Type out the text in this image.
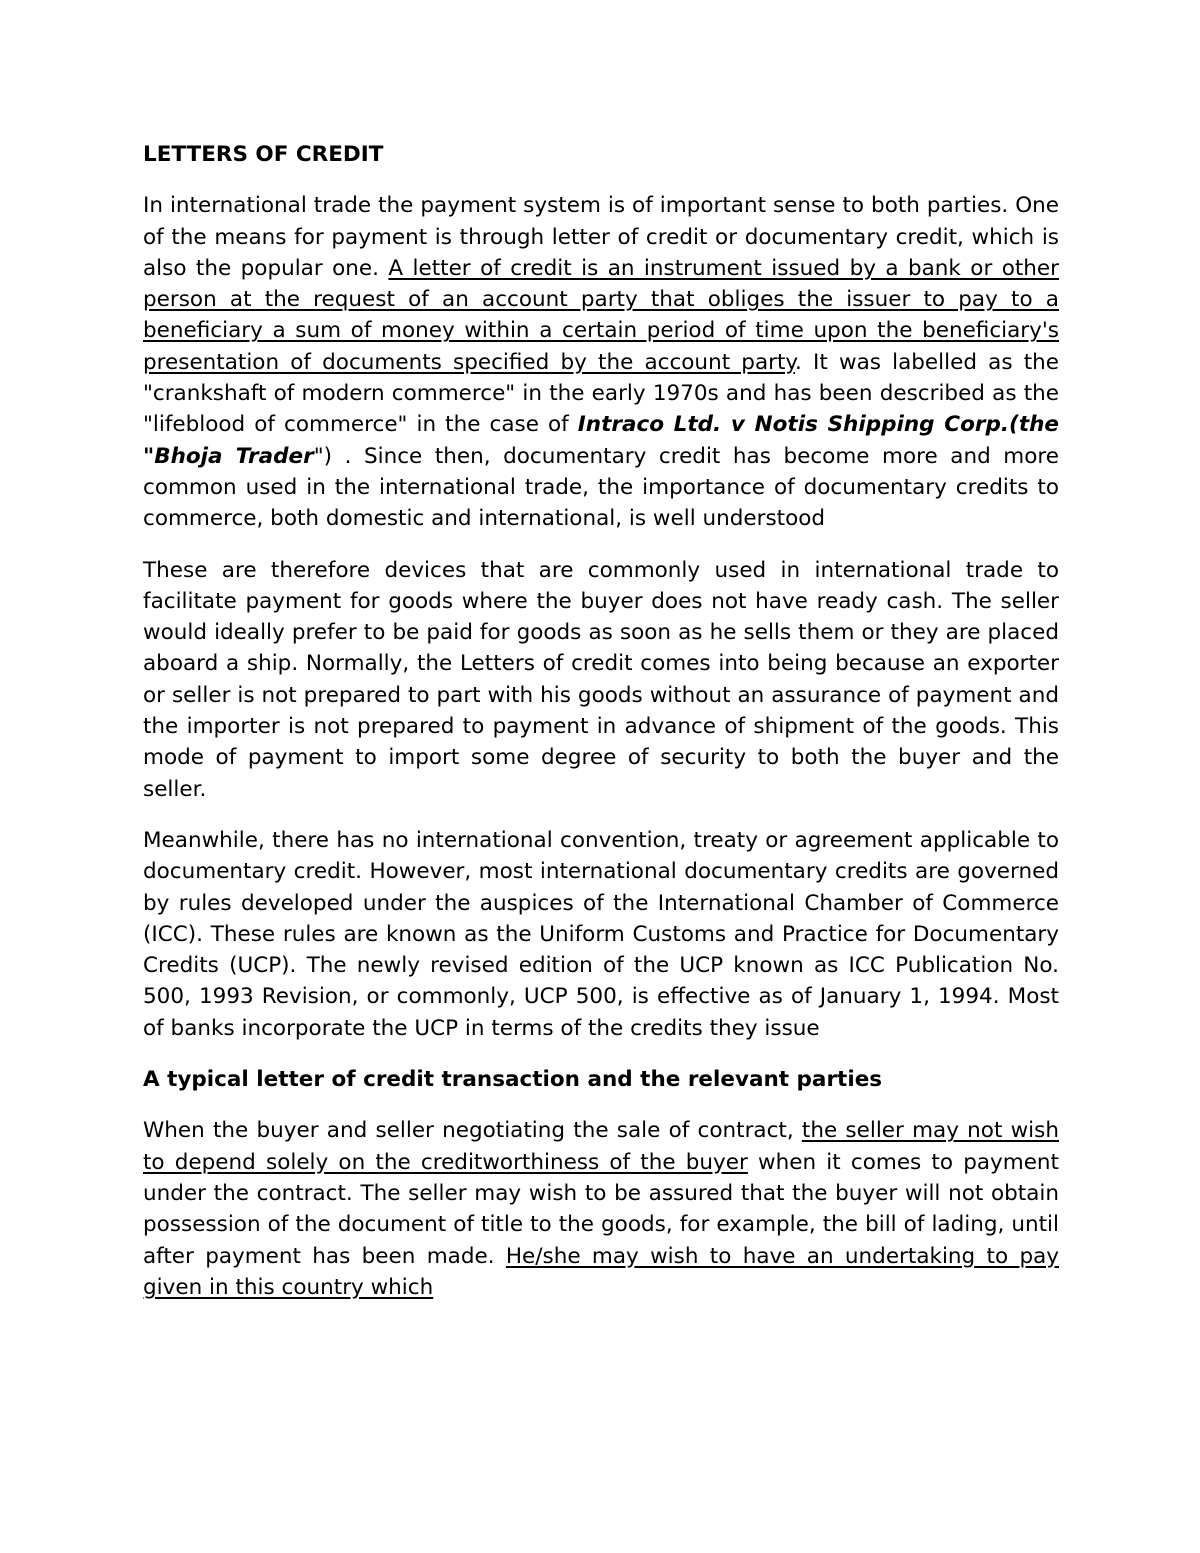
LETTERS OF CREDIT

In international trade the payment system is of important sense to both parties. One of the means for payment is through letter of credit or documentary credit, which is also the popular one. A letter of credit is an instrument issued by a bank or other person at the request of an account party that obliges the issuer to pay to a beneficiary a sum of money within a certain period of time upon the beneficiary's presentation of documents specified by the account party. It was labelled as the "crankshaft of modern commerce" in the early 1970s and has been described as the "lifeblood of commerce" in the case of Intraco Ltd. v Notis Shipping Corp.(the "Bhoja Trader") . Since then, documentary credit has become more and more common used in the international trade, the importance of documentary credits to commerce, both domestic and international, is well understood

These are therefore devices that are commonly used in international trade to facilitate payment for goods where the buyer does not have ready cash. The seller would ideally prefer to be paid for goods as soon as he sells them or they are placed aboard a ship. Normally, the Letters of credit comes into being because an exporter or seller is not prepared to part with his goods without an assurance of payment and the importer is not prepared to payment in advance of shipment of the goods. This mode of payment to import some degree of security to both the buyer and the seller.

Meanwhile, there has no international convention, treaty or agreement applicable to documentary credit. However, most international documentary credits are governed by rules developed under the auspices of the International Chamber of Commerce (ICC). These rules are known as the Uniform Customs and Practice for Documentary Credits (UCP). The newly revised edition of the UCP known as ICC Publication No. 500, 1993 Revision, or commonly, UCP 500, is effective as of January 1, 1994. Most of banks incorporate the UCP in terms of the credits they issue

A typical letter of credit transaction and the relevant parties

When the buyer and seller negotiating the sale of contract, the seller may not wish to depend solely on the creditworthiness of the buyer when it comes to payment under the contract. The seller may wish to be assured that the buyer will not obtain possession of the document of title to the goods, for example, the bill of lading, until after payment has been made. He/she may wish to have an undertaking to pay given in this country which
